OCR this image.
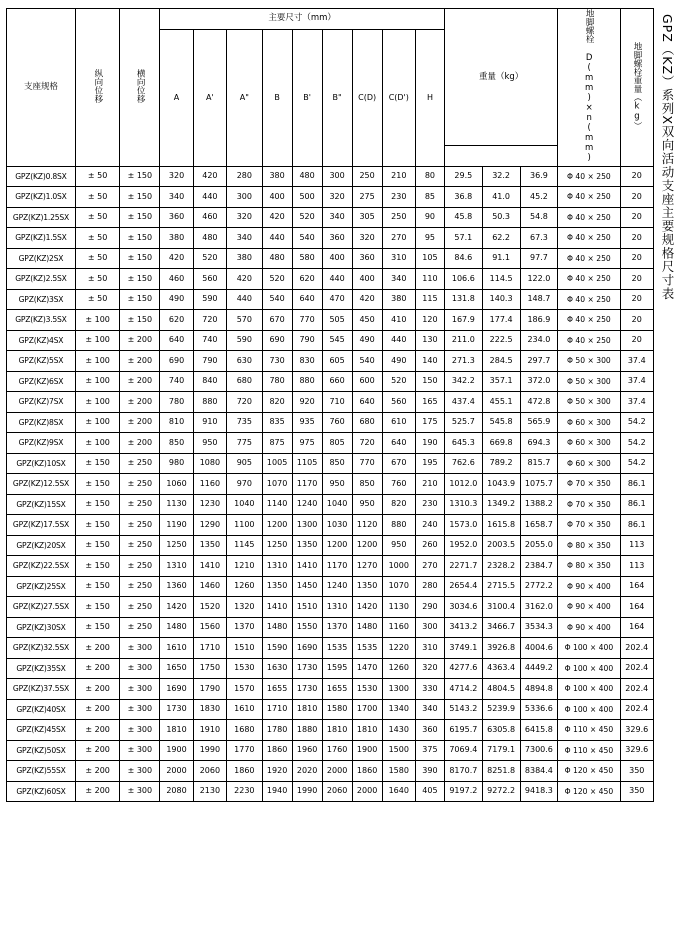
GPZ（KZ）系列X双向活动支座主要规格尺寸表
支座规格	纵向位移	横向位移	主要尺寸（mm）									重量（kg）			地脚螺栓 D(mm)×n(mm)	地脚螺栓重量（kg）
			A	A'	A"	B	B'	B"	C(D)	C(D')	H					

GPZ(KZ)0.8SX	± 50	± 150	320	420	280	380	480	300	250	210	80	29.5	32.2	36.9	Φ 40 × 250	20
GPZ(KZ)1.0SX	± 50	± 150	340	440	300	400	500	320	275	230	85	36.8	41.0	45.2	Φ 40 × 250	20
GPZ(KZ)1.25SX	± 50	± 150	360	460	320	420	520	340	305	250	90	45.8	50.3	54.8	Φ 40 × 250	20
GPZ(KZ)1.5SX	± 50	± 150	380	480	340	440	540	360	320	270	95	57.1	62.2	67.3	Φ 40 × 250	20
GPZ(KZ)2SX	± 50	± 150	420	520	380	480	580	400	360	310	105	84.6	91.1	97.7	Φ 40 × 250	20
GPZ(KZ)2.5SX	± 50	± 150	460	560	420	520	620	440	400	340	110	106.6	114.5	122.0	Φ 40 × 250	20
GPZ(KZ)3SX	± 50	± 150	490	590	440	540	640	470	420	380	115	131.8	140.3	148.7	Φ 40 × 250	20
GPZ(KZ)3.5SX	± 100	± 150	620	720	570	670	770	505	450	410	120	167.9	177.4	186.9	Φ 40 × 250	20
GPZ(KZ)4SX	± 100	± 200	640	740	590	690	790	545	490	440	130	211.0	222.5	234.0	Φ 40 × 250	20
GPZ(KZ)5SX	± 100	± 200	690	790	630	730	830	605	540	490	140	271.3	284.5	297.7	Φ 50 × 300	37.4
GPZ(KZ)6SX	± 100	± 200	740	840	680	780	880	660	600	520	150	342.2	357.1	372.0	Φ 50 × 300	37.4
GPZ(KZ)7SX	± 100	± 200	780	880	720	820	920	710	640	560	165	437.4	455.1	472.8	Φ 50 × 300	37.4
GPZ(KZ)8SX	± 100	± 200	810	910	735	835	935	760	680	610	175	525.7	545.8	565.9	Φ 60 × 300	54.2
GPZ(KZ)9SX	± 100	± 200	850	950	775	875	975	805	720	640	190	645.3	669.8	694.3	Φ 60 × 300	54.2
GPZ(KZ)10SX	± 150	± 250	980	1080	905	1005	1105	850	770	670	195	762.6	789.2	815.7	Φ 60 × 300	54.2
GPZ(KZ)12.5SX	± 150	± 250	1060	1160	970	1070	1170	950	850	760	210	1012.0	1043.9	1075.7	Φ 70 × 350	86.1
GPZ(KZ)15SX	± 150	± 250	1130	1230	1040	1140	1240	1040	950	820	230	1310.3	1349.2	1388.2	Φ 70 × 350	86.1
GPZ(KZ)17.5SX	± 150	± 250	1190	1290	1100	1200	1300	1030	1120	880	240	1573.0	1615.8	1658.7	Φ 70 × 350	86.1
GPZ(KZ)20SX	± 150	± 250	1250	1350	1145	1250	1350	1200	1200	950	260	1952.0	2003.5	2055.0	Φ 80 × 350	113
GPZ(KZ)22.5SX	± 150	± 250	1310	1410	1210	1310	1410	1170	1270	1000	270	2271.7	2328.2	2384.7	Φ 80 × 350	113
GPZ(KZ)25SX	± 150	± 250	1360	1460	1260	1350	1450	1240	1350	1070	280	2654.4	2715.5	2772.2	Φ 90 × 400	164
GPZ(KZ)27.5SX	± 150	± 250	1420	1520	1320	1410	1510	1310	1420	1130	290	3034.6	3100.4	3162.0	Φ 90 × 400	164
GPZ(KZ)30SX	± 150	± 250	1480	1560	1370	1480	1550	1370	1480	1160	300	3413.2	3466.7	3534.3	Φ 90 × 400	164
GPZ(KZ)32.5SX	± 200	± 300	1610	1710	1510	1590	1690	1535	1535	1220	310	3749.1	3926.8	4004.6	Φ 100 × 400	202.4
GPZ(KZ)35SX	± 200	± 300	1650	1750	1530	1630	1730	1595	1470	1260	320	4277.6	4363.4	4449.2	Φ 100 × 400	202.4
GPZ(KZ)37.5SX	± 200	± 300	1690	1790	1570	1655	1730	1655	1530	1300	330	4714.2	4804.5	4894.8	Φ 100 × 400	202.4
GPZ(KZ)40SX	± 200	± 300	1730	1830	1610	1710	1810	1580	1700	1340	340	5143.2	5239.9	5336.6	Φ 100 × 400	202.4
GPZ(KZ)45SX	± 200	± 300	1810	1910	1680	1780	1880	1810	1810	1430	360	6195.7	6305.8	6415.8	Φ 110 × 450	329.6
GPZ(KZ)50SX	± 200	± 300	1900	1990	1770	1860	1960	1760	1900	1500	375	7069.4	7179.1	7300.6	Φ 110 × 450	329.6
GPZ(KZ)55SX	± 200	± 300	2000	2060	1860	1920	2020	2000	1860	1580	390	8170.7	8251.8	8384.4	Φ 120 × 450	350
GPZ(KZ)60SX	± 200	± 300	2080	2130	2230	1940	1990	2060	2000	1640	405	9197.2	9272.2	9418.3	Φ 120 × 450	350
